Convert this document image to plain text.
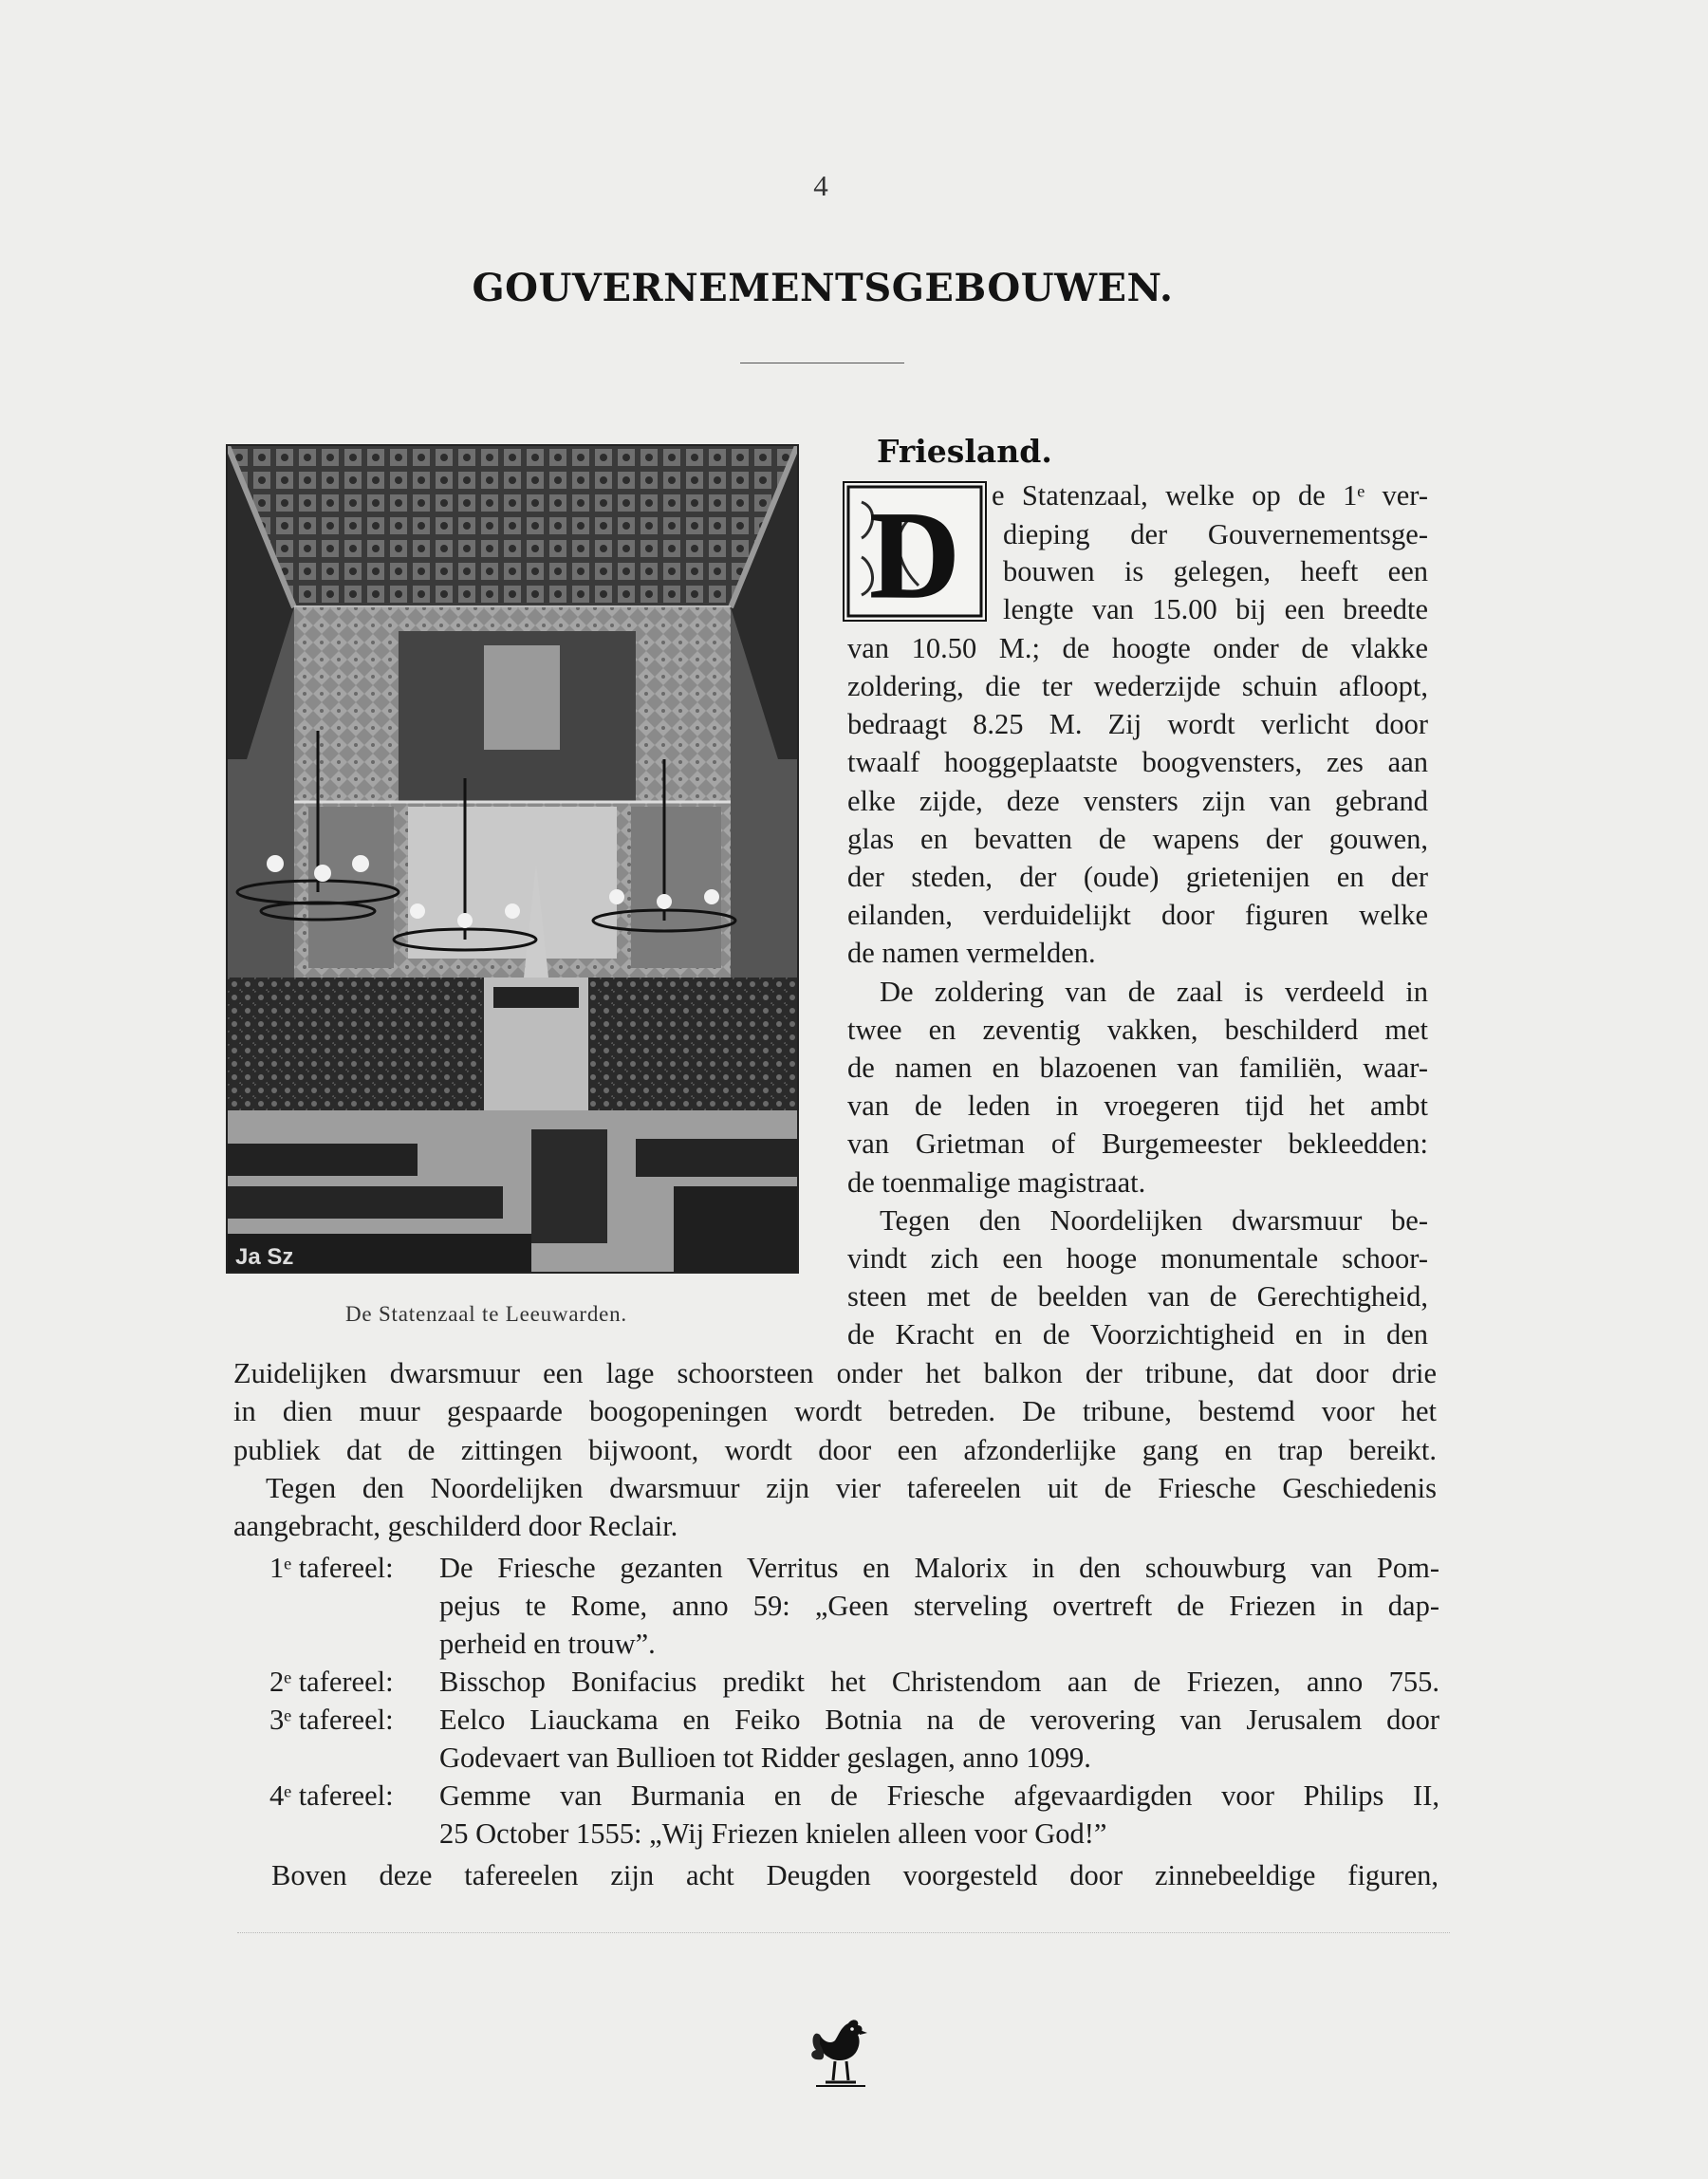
4
GOUVERNEMENTSGEBOUWEN.
Ja Sz
De Statenzaal te Leeuwarden.
Friesland.
D e Statenzaal, welke op de 1ᵉ ver-
dieping der Gouvernementsge-
bouwen is gelegen, heeft een
lengte van 15.00 bij een breedte
van 10.50 M.; de hoogte onder de vlakke
zoldering, die ter wederzijde schuin afloopt,
bedraagt 8.25 M. Zij wordt verlicht door
twaalf hooggeplaatste boogvensters, zes aan
elke zijde, deze vensters zijn van gebrand
glas en bevatten de wapens der gouwen,
der steden, der (oude) grietenijen en der
eilanden, verduidelijkt door figuren welke
de namen vermelden.
De zoldering van de zaal is verdeeld in
twee en zeventig vakken, beschilderd met
de namen en blazoenen van familiën, waar-
van de leden in vroegeren tijd het ambt
van Grietman of Burgemeester bekleedden:
de toenmalige magistraat.
Tegen den Noordelijken dwarsmuur be-
vindt zich een hooge monumentale schoor-
steen met de beelden van de Gerechtigheid,
de Kracht en de Voorzichtigheid en in den
Zuidelijken dwarsmuur een lage schoorsteen onder het balkon der tribune, dat door drie
in dien muur gespaarde boogopeningen wordt betreden. De tribune, bestemd voor het
publiek dat de zittingen bijwoont, wordt door een afzonderlijke gang en trap bereikt.
Tegen den Noordelijken dwarsmuur zijn vier tafereelen uit de Friesche Geschiedenis
aangebracht, geschilderd door Reclair.
1ᵉ tafereel:	De Friesche gezanten Verritus en Malorix in den schouwburg van Pom-
pejus te Rome, anno 59: „Geen sterveling overtreft de Friezen in dap-
perheid en trouw”.
2ᵉ tafereel:	Bisschop Bonifacius predikt het Christendom aan de Friezen, anno 755.
3ᵉ tafereel:	Eelco Liauckama en Feiko Botnia na de verovering van Jerusalem door
Godevaert van Bullioen tot Ridder geslagen, anno 1099.
4ᵉ tafereel:	Gemme van Burmania en de Friesche afgevaardigden voor Philips II,
25 October 1555: „Wij Friezen knielen alleen voor God!”
Boven deze tafereelen zijn acht Deugden voorgesteld door zinnebeeldige figuren,
